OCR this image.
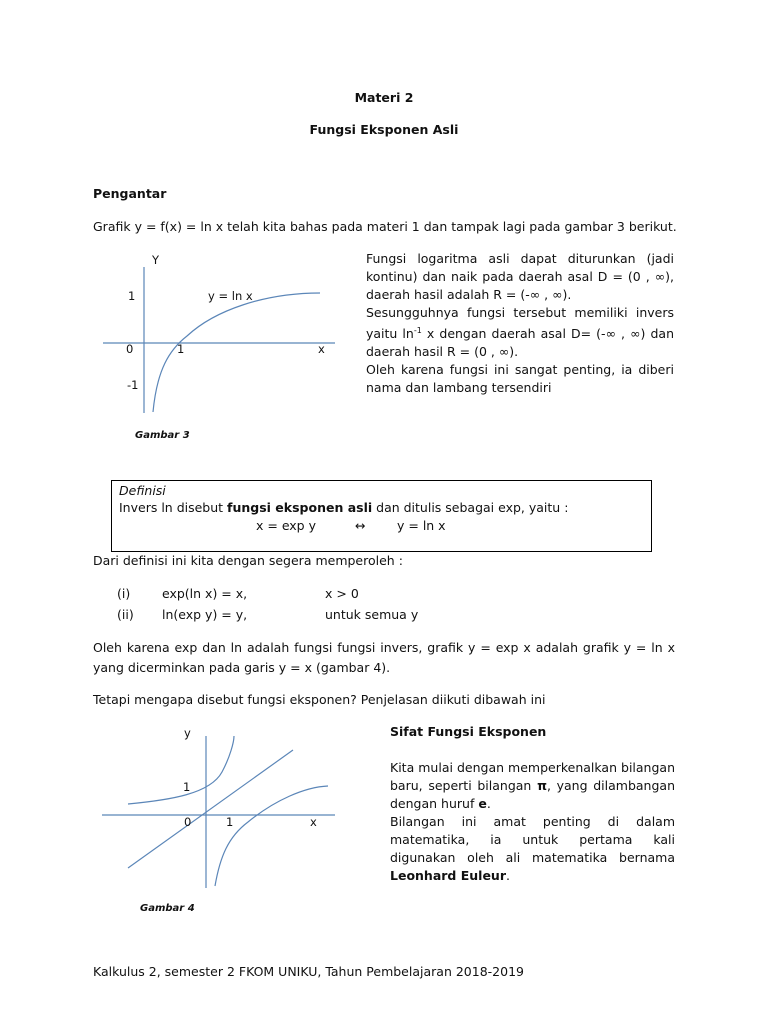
Materi 2
Fungsi Eksponen Asli
Pengantar
Grafik y = f(x) = ln x telah kita bahas pada materi 1 dan tampak lagi pada gambar 3 berikut.
Y
1	y = ln x
0	1	x
-1
Gambar 3
Fungsi logaritma asli dapat diturunkan (jadi kontinu) dan naik pada daerah asal D = (0 , ∞), daerah hasil adalah R = (-∞ , ∞).
Sesungguhnya fungsi tersebut memiliki invers yaitu $\ln^{-1} x$ dengan daerah asal D= (-∞ , ∞) dan daerah hasil R = (0 , ∞).
Oleh karena fungsi ini sangat penting, ia diberi nama dan lambang tersendiri
Definisi
Invers ln disebut fungsi eksponen asli dan ditulis sebagai exp, yaitu :
x = exp y	↔	y = ln x
Dari definisi ini kita dengan segera memperoleh :
(i)	exp(ln x) = x,	x > 0
(ii) ln(exp y) = y,	untuk semua y
Oleh karena exp dan ln adalah fungsi fungsi invers, grafik y = exp x adalah grafik y = ln x yang dicerminkan pada garis y = x (gambar 4).
Tetapi mengapa disebut fungsi eksponen? Penjelasan diikuti dibawah ini
y
1
0	1	x
Gambar 4
Sifat Fungsi Eksponen
Kita mulai dengan memperkenalkan bilangan baru, seperti bilangan π, yang dilambangan dengan huruf e.
Bilangan ini amat penting di dalam matematika, ia untuk pertama kali digunakan oleh ali matematika bernama Leonhard Euleur.
Kalkulus 2, semester 2 FKOM UNIKU, Tahun Pembelajaran 2018-2019
